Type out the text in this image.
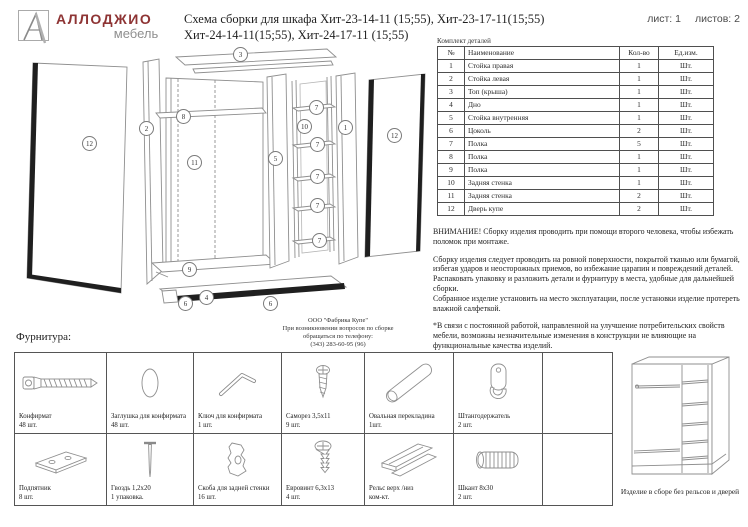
3
12
2
8
11	5
10
7
7
7
7
7
1
12
9
6
4
6
АЛЛОДЖИО
мебель
Схема сборки для шкафа Хит-23-14-11 (15;55), Хит-23-17-11(15;55)
Хит-24-14-11(15;55), Хит-24-17-11 (15;55)
лист: 1 листов: 2
Комплект деталей
№	Наименование	Кол-во	Ед.изм.
1	Стойка правая	1	Шт.
2	Стойка левая	1	Шт.
3	Топ (крыша)	1	Шт.
4	Дно	1	Шт.
5	Стойка внутренняя	1	Шт.
6	Цоколь	2	Шт.
7	Полка	5	Шт.
8	Полка	1	Шт.
9	Полка	1	Шт.
10	Задняя стенка	1	Шт.
11	Задняя стенка	2	Шт.
12	Дверь купе	2	Шт.
ВНИМАНИЕ! Сборку изделия проводить при помощи второго человека, чтобы избежать поломок при монтаже.
Сборку изделия следует проводить на ровной поверхности, покрытой тканью или бумагой, избегая ударов и неосторожных приемов, во избежание царапин и повреждений деталей.
Распаковать упаковку и разложить детали и фурнитуру в места, удобные для дальнейшей сборки.
Собранное изделие установить на место эксплуатации, после установки изделие протереть влажной салфеткой.
*В связи с постоянной работой, направленной на улучшение потребительских свойств мебели, возможны незначительные изменения в конструкции не влияющие на функциональные качества изделий.
ООО "Фабрика Купе"
При возникновении вопросов по сборке
обращаться по телефону:
(343) 283-60-95 (96)
Фурнитура:
Конфирмат
48 шт.
Заглушка для конфирмата
48 шт.
Ключ для конфирмата
1 шт.
Саморез 3,5х11
9 шт.
Овальная перекладина
1шт.
Штангодержатель
2 шт.
Подпятник
8 шт.
Гвоздь 1,2х20
1 упаковка.
Скоба для задней стенки
16 шт.
Евровинт 6,3х13
4 шт.
Рельс верх /низ
ком-кт.
Шкант 8х30
2 шт.
Изделие в сборе без рельсов и дверей
